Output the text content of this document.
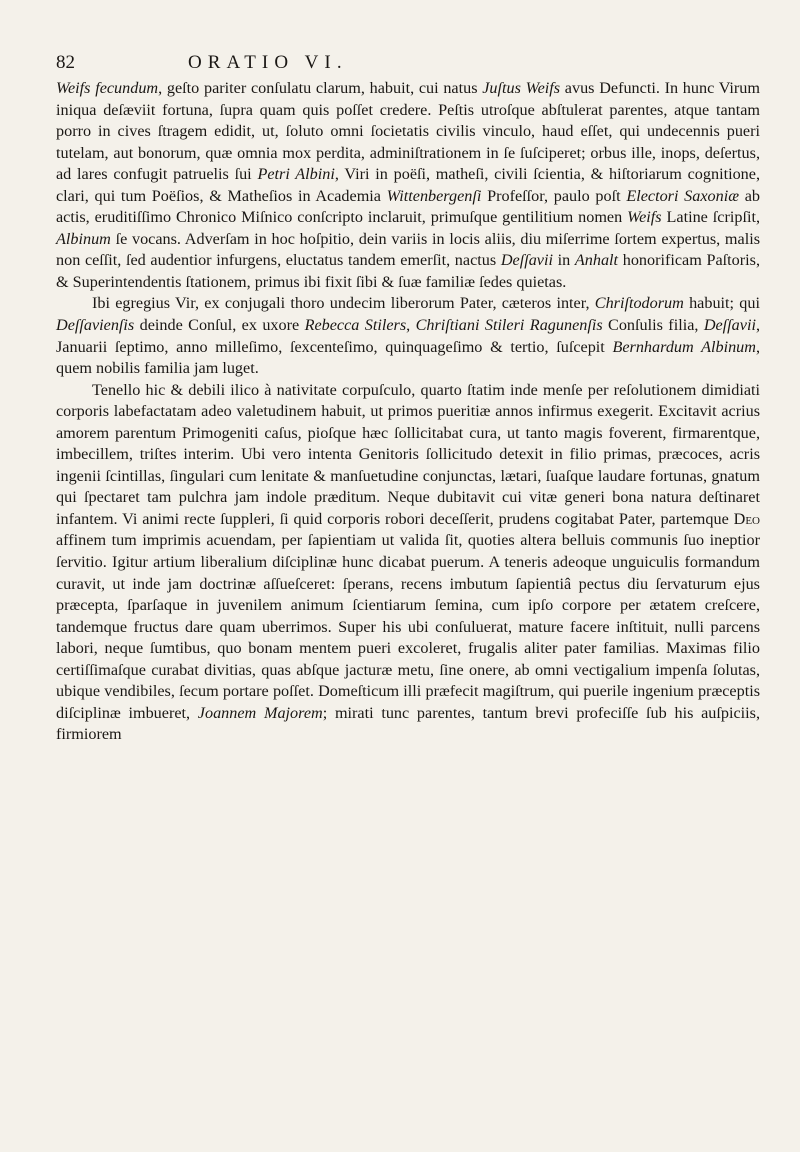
82	ORATIO VI.

Weifs fecundum, geſto pariter conſulatu clarum, habuit, cui natus Juſtus Weifs avus Defuncti. In hunc Virum iniqua deſæviit fortuna, ſupra quam quis poſſet credere. Peſtis utroſque abſtulerat parentes, atque tantam porro in cives ſtragem edidit, ut, ſoluto omni ſocietatis civilis vinculo, haud eſſet, qui undecennis pueri tutelam, aut bonorum, quæ omnia mox perdita, adminiſtrationem in ſe ſuſciperet; orbus ille, inops, deſertus, ad lares confugit patruelis ſui Petri Albini, Viri in poëſi, matheſi, civili ſcientia, & hiſtoriarum cognitione, clari, qui tum Poëſios, & Matheſios in Academia Wittenbergenſi Profeſſor, paulo poſt Electori Saxoniæ ab actis, eruditiſſimo Chronico Miſnico conſcripto inclaruit, primuſque gentilitium nomen Weifs Latine ſcripſit, Albinum ſe vocans. Adverſam in hoc hoſpitio, dein variis in locis aliis, diu miſerrime ſortem expertus, malis non ceſſit, ſed audentior infurgens, eluctatus tandem emerſit, nactus Deſſavii in Anhalt honorificam Paſtoris, & Superintendentis ſtationem, primus ibi fixit ſibi & ſuæ familiæ ſedes quietas.

Ibi egregius Vir, ex conjugali thoro undecim liberorum Pater, cæteros inter, Chriſtodorum habuit; qui Deſſavienſis deinde Conſul, ex uxore Rebecca Stilers, Chriſtiani Stileri Ragunenſis Conſulis filia, Deſſavii, Januarii ſeptimo, anno milleſimo, ſexcenteſimo, quinquageſimo & tertio, ſuſcepit Bernhardum Albinum, quem nobilis familia jam luget.

Tenello hic & debili ilico à nativitate corpuſculo, quarto ſtatim inde menſe per reſolutionem dimidiati corporis labefactatam adeo valetudinem habuit, ut primos pueritiæ annos infirmus exegerit. Excitavit acrius amorem parentum Primogeniti caſus, pioſque hæc ſollicitabat cura, ut tanto magis foverent, firmarentque, imbecillem, triſtes interim. Ubi vero intenta Genitoris ſollicitudo detexit in filio primas, præcoces, acris ingenii ſcintillas, ſingulari cum lenitate & manſuetudine conjunctas, lætari, ſuaſque laudare fortunas, gnatum qui ſpectaret tam pulchra jam indole præditum. Neque dubitavit cui vitæ generi bona natura deſtinaret infantem. Vi animi recte ſuppleri, ſi quid corporis robori deceſſerit, prudens cogitabat Pater, partemque Deo affinem tum imprimis acuendam, per ſapientiam ut valida ſit, quoties altera belluis communis ſuo ineptior ſervitio. Igitur artium liberalium diſciplinæ hunc dicabat puerum. A teneris adeoque unguiculis formandum curavit, ut inde jam doctrinæ aſſueſceret: ſperans, recens imbutum ſapientiâ pectus diu ſervaturum ejus præcepta, ſparſaque in juvenilem animum ſcientiarum ſemina, cum ipſo corpore per ætatem creſcere, tandemque fructus dare quam uberrimos. Super his ubi conſuluerat, mature facere inſtituit, nulli parcens labori, neque ſumtibus, quo bonam mentem pueri excoleret, frugalis aliter pater familias. Maximas filio certiſſimaſque curabat divitias, quas abſque jacturæ metu, ſine onere, ab omni vectigalium impenſa ſolutas, ubique vendibiles, ſecum portare poſſet. Domeſticum illi præfecit magiſtrum, qui puerile ingenium præceptis diſciplinæ imbueret, Joannem Majorem; mirati tunc parentes, tantum brevi profeciſſe ſub his auſpiciis, firmiorem
